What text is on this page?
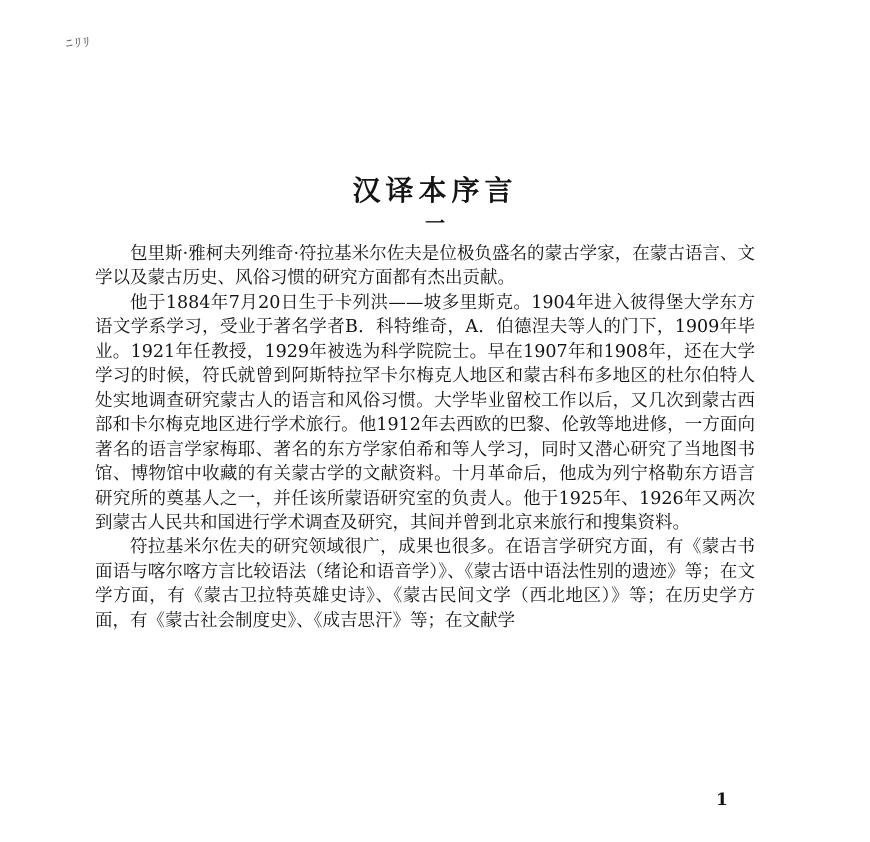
ﾆﾘﾘ
汉译本序言
一

包里斯·雅柯夫列维奇·符拉基米尔佐夫是位极负盛名的蒙古学家，在蒙古语言、文学以及蒙古历史、风俗习惯的研究方面都有杰出贡献。

他于1884年7月20日生于卡列洪——坡多里斯克。1904年进入彼得堡大学东方语文学系学习，受业于著名学者B．科特维奇，A．伯德涅夫等人的门下，1909年毕业。1921年任教授，1929年被选为科学院院士。早在1907年和1908年，还在大学学习的时候，符氏就曾到阿斯特拉罕卡尔梅克人地区和蒙古科布多地区的杜尔伯特人处实地调查研究蒙古人的语言和风俗习惯。大学毕业留校工作以后，又几次到蒙古西部和卡尔梅克地区进行学术旅行。他1912年去西欧的巴黎、伦敦等地进修，一方面向著名的语言学家梅耶、著名的东方学家伯希和等人学习，同时又潜心研究了当地图书馆、博物馆中收藏的有关蒙古学的文献资料。十月革命后，他成为列宁格勒东方语言研究所的奠基人之一，并任该所蒙语研究室的负责人。他于1925年、1926年又两次到蒙古人民共和国进行学术调查及研究，其间并曾到北京来旅行和搜集资料。

符拉基米尔佐夫的研究领域很广，成果也很多。在语言学研究方面，有《蒙古书面语与喀尔喀方言比较语法（绪论和语音学）》、《蒙古语中语法性别的遗迹》等；在文学方面，有《蒙古卫拉特英雄史诗》、《蒙古民间文学（西北地区）》等；在历史学方面，有《蒙古社会制度史》、《成吉思汗》等；在文献学

1
